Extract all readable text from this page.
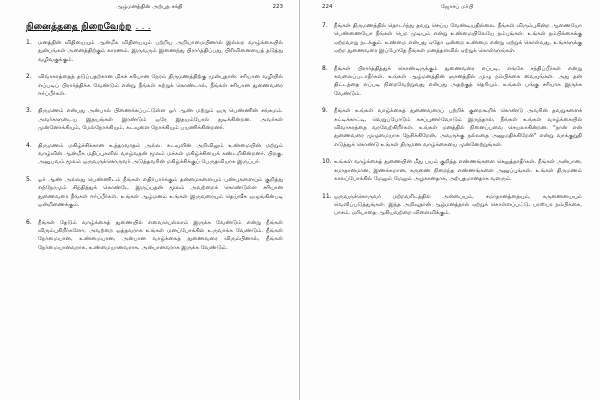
ஆழ்மனத்தின் அற்புத சக்தி	223
நினைத்ததை நிறைவேற்ற . . .
1.	மனத்தின் விதியையும் ஆன்மீக விதியையும் பற்றிய அறியாமையினால் இல்லற வாழ்க்கையில் துன்பங்கள் அனைத்திற்கும் காரணம். இருவரும் இணைந்து பிரார்த்திப்பது, பிரிவினையைத் தடுத்து வழிவகுக்கும்.
2.	விவாகரத்தைத் தடுப்பதற்கான மிகச் சரியான நேரம் திருமணத்திற்கு முன்புதான். சரியான வழியில் எப்படிப் பிரார்த்திக்க வேண்டும் என்று நீங்கள் கற்றுக் கொண்டால், நீங்கள் சரியான துணைவரை ஈர்ப்பீர்கள்.
3.	திருமணம் என்பது அன்பால் பிணைக்கப்பட்டுள்ள ஓர் ஆண் மற்றும் ஒரு பெண்ணின் சங்கமம். அவர்களுடைய இதயங்கள் இரண்டும் ஒரே இதயம்போல் துடிக்கின்றன. அவர்கள் முன்னோக்கியும், மேல்நோக்கியும், கடவுளை நோக்கியும் பயணிக்கின்றனர்.
4.	திருமணம் மகிழ்ச்சிக்கான உத்தரவாதம் அல்ல. கடவுளின் அறிவிலும் உண்மையின் மற்றும் வாழ்வின் ஆன்மீக மதிப்புகளில் வாழ்வதன் மூலம் மக்கள் மகிழ்ச்சியைக் கண்டறிகின்றனர். பிறகு, அனுபவம் மூலம் ஒருவருக்கொருவர் அடுத்தவரின் மகிழ்ச்சிக்குப் பேருதவியாக இருப்பர்.
5.	ஓர் ஆண் அல்லது பெண்ணிடம் நீங்கள் எதிர்பார்க்கும் தன்மைகளையும் பண்புகளையும் குறித்து எந்நேரமும் சிந்தித்துக் கொண்டே இருப்பதன் மூலம் அவற்றைக் கொண்டுள்ள சரியான துணைவரை நீங்கள் ஈர்ப்பீர்கள். உங்கள் ஆழ்மனம் உங்கள் இருவரையும் தெய்வீக ஒழுங்கின்படி ஒன்றிணைக்கும்.
6.	நீங்கள் தேடும் வாழ்க்கைத் துணையில் எவையெல்லாம் இருக்க வேண்டும் என்று நீங்கள் விரும்புகிறீர்களோ, அவற்றை ஒத்தவராக உங்கள் மனப்போக்கில் உருவாக்க வேண்டும். நீங்கள் நேர்மையான, உண்மையான, அன்பான வாழ்க்கைத் துணைவரை விரும்பினால், நீங்கள் நேர்மையானவராக, உண்மையானவராக, அன்பானவராக இருக்க வேண்டும்.
224	ஜோசப் மர்பி
7.	நீங்கள் திருமணத்தில் தொடர்ந்து தவறு செய்ய வேண்டியதில்லை. நீங்கள் விரும்புகின்ற ஆணையோ பெண்ணையோ நீங்கள் பெற முடியும் என்று உண்மையிலேயே நம்புங்கள். உங்கள் நம்பிக்கைக்கு ஏற்றவாறு நடக்கும். உண்மை என்பது ஏதோ ஒன்றை உண்மை என்று ஏற்றுக் கொள்வது. உங்களுக்கு ஏற்ற துணைவரை இப்போதே நீங்கள் மனத்தளவில் ஏற்றுக் கொள்ளுங்கள்.
8.	நீங்கள் பிரார்த்தித்துக் கொண்டிருக்கும் துணைவரை எப்படி, எங்கே சந்திப்பீர்கள் என்று கவலைப்படாதீர்கள். உங்கள் ஆழ்மனத்தின் ஞானத்தில் முழு நம்பிக்கை வையுங்கள். அது தன் திட்டத்தை எப்படி நிறைவேற்றுவது என்பது அதற்குத் தெரியும். உங்கள் பங்கு சரியாக இருக்க வேண்டும்.
9.	நீங்கள் உங்கள் வாழ்க்கைத் துணைவரைப் பற்றிக் குறைகூறிக் கொண்டு அவரின் தவறுகளைச் சுட்டிக்காட்டி, வெறுப்போடும் கசப்புணர்வோடும் இருந்தால், நீங்கள் உங்கள் வாழ்க்கையில் விவாகரத்தை வரவேற்கிறீர்கள். உங்கள் மனத்தில் நினைப்பவை செயலாகின்றன. "நான் என் துணைவரை முழுமையாக நேசிக்கிறேன், அவருக்கு நல்லதை அனுமதிக்கிறேன்" என்று வாக்குறுதி எடுத்துக் கொண்டு உங்கள் திருமண வாழ்க்கையை முன்னேற்றுங்கள்.
10. உங்கள் வாழ்க்கைத் துணையின் மீது பயம் குறித்த எண்ணங்களை செலுத்தாதீர்கள். நீங்கள் அன்பான, சமாதானமான, இணக்கமான, கருணை நிறைந்த எண்ணங்களை அனுப்புங்கள். உங்கள் திருமணம் காலப்போக்கில் மேலும் மேலும் அழகானதாக, அற்புதமானதாக வளரும்.
11. ஒருவருக்கொருவர் மற்றவரிடத்தில் அன்பையும், சமாதானத்தையும், கருணையையும் வெளிப்படுத்துங்கள். இந்த அறிவுதான் ஆழ்மனத்தால் ஏற்றுக் கொள்ளப்பட்டு, பரஸ்பர நம்பிக்கை, பாசம், மரியாதை ஆகியவற்றை விளைவிக்கும்.
